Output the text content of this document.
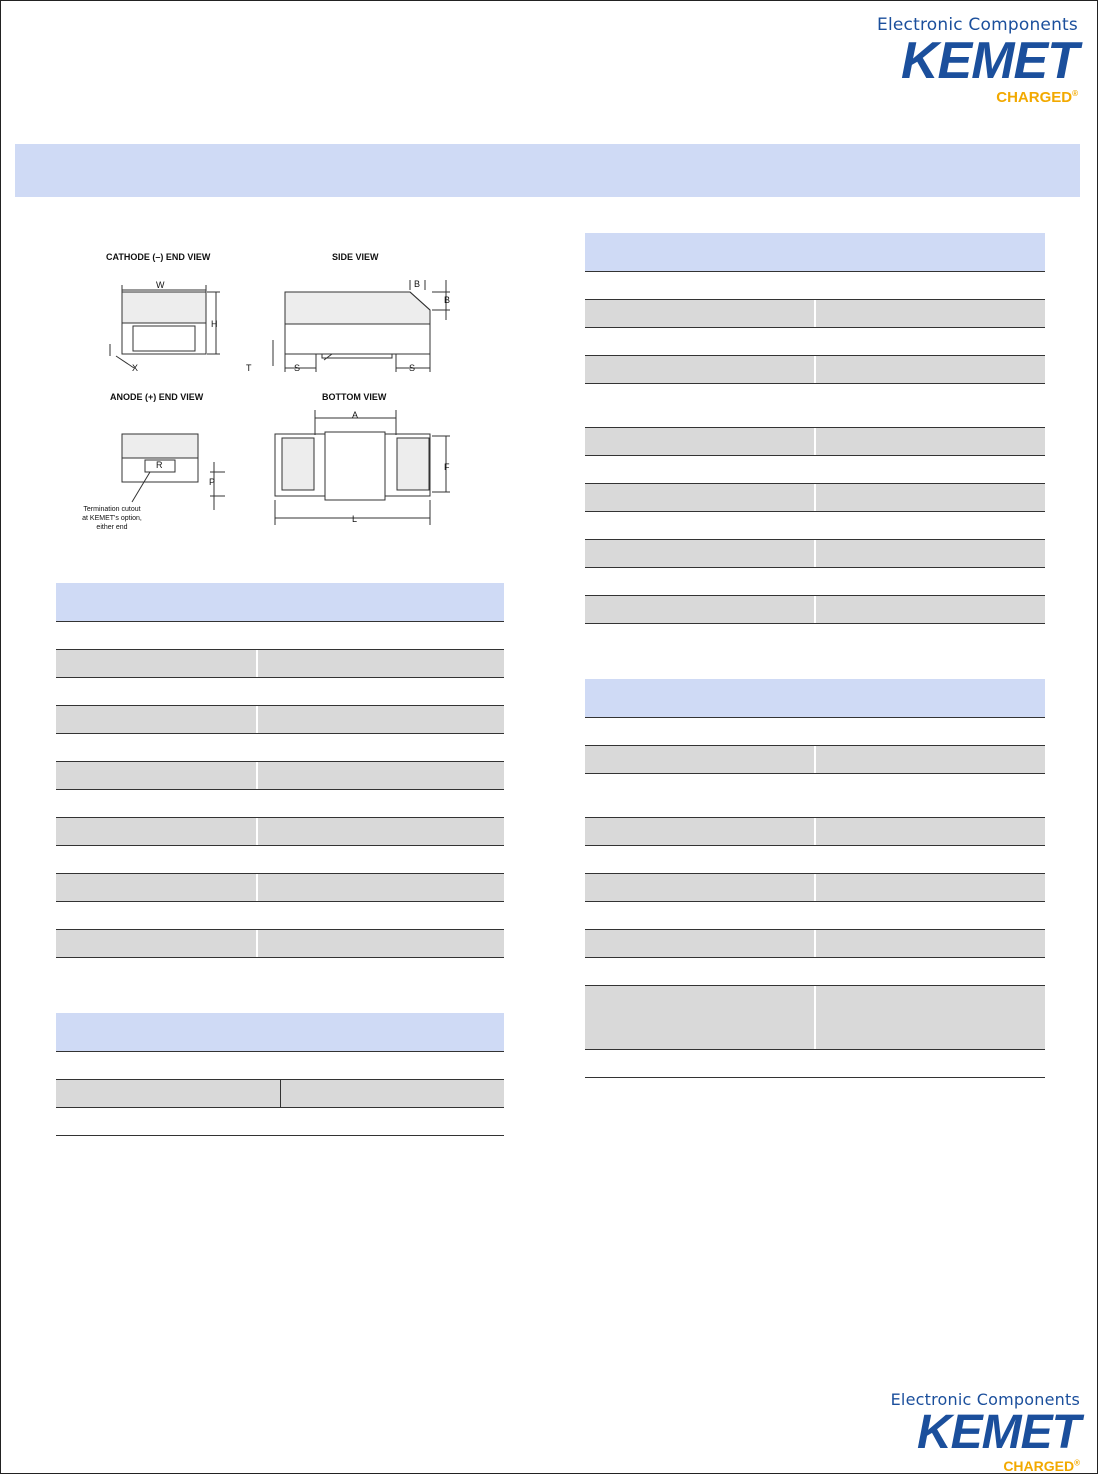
Electronic Components
KEMET
CHARGED®
CATHODE (–) END VIEW	SIDE VIEW
ANODE (+) END VIEW	BOTTOM VIEW
W
H
X
B
B
T	S	S
A
F
L
R
P
Termination cutout
at KEMET's option,
either end
Electronic Components
KEMET
CHARGED®
